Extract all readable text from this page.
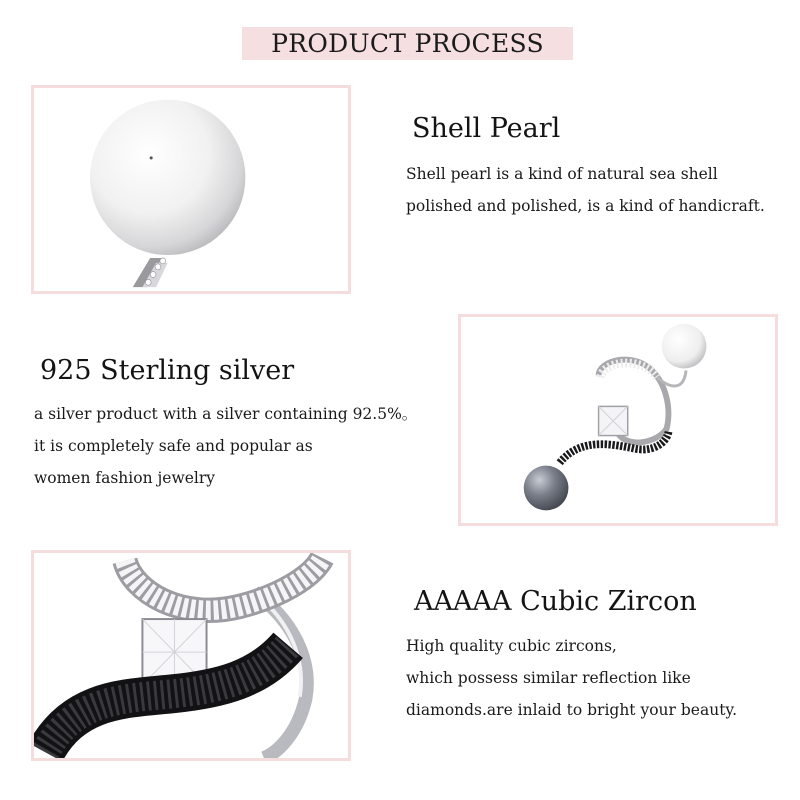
PRODUCT PROCESS
Shell Pearl
Shell pearl is a kind of natural sea shell
polished and polished, is a kind of handicraft.
925 Sterling silver
a silver product with a silver containing 92.5%。
it is completely safe and popular as
women fashion jewelry
AAAAA Cubic Zircon
High quality cubic zircons,
which possess similar reflection like
diamonds.are inlaid to bright your beauty.
